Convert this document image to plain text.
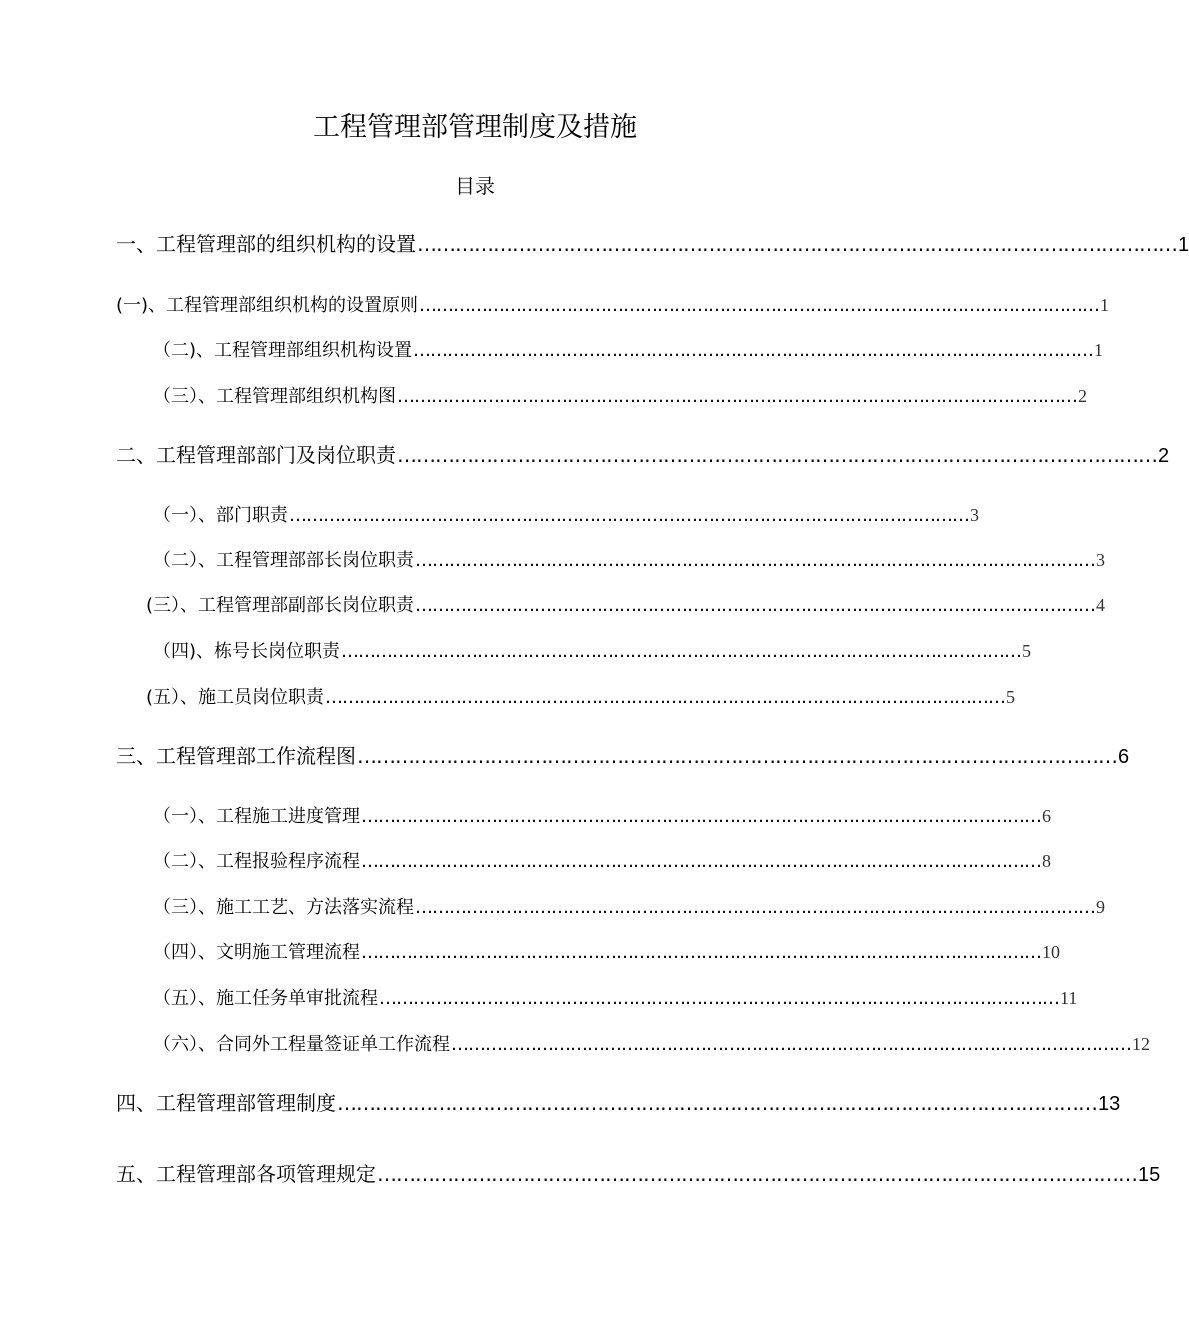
工程管理部管理制度及措施
目录
一、工程管理部的组织机构的设置 ………………………………………………………………………………………………………… 1
(一)、工程管理部组织机构的设置原则 ………………………………………………………………………………………………………… 1
（二)、工程管理部组织机构设置 ………………………………………………………………………………………………………… 1
（三）、工程管理部组织机构图 ………………………………………………………………………………………………………… 2
二、工程管理部部门及岗位职责 ………………………………………………………………………………………………………… 2
（一）、部门职责 ………………………………………………………………………………………………………… 3
（二）、工程管理部部长岗位职责 ………………………………………………………………………………………………………… 3
(三）、工程管理部副部长岗位职责 ………………………………………………………………………………………………………… 4
（四)、栋号长岗位职责 ………………………………………………………………………………………………………… 5
(五）、施工员岗位职责 ………………………………………………………………………………………………………… 5
三、工程管理部工作流程图 ………………………………………………………………………………………………………… 6
（一）、工程施工进度管理 ………………………………………………………………………………………………………… 6
（二）、工程报验程序流程 ………………………………………………………………………………………………………… 8
（三）、施工工艺、方法落实流程 ………………………………………………………………………………………………………… 9
（四）、文明施工管理流程 ………………………………………………………………………………………………………… 10
（五）、施工任务单审批流程 ………………………………………………………………………………………………………… 11
（六）、合同外工程量签证单工作流程 ………………………………………………………………………………………………………… 12
四、工程管理部管理制度 ………………………………………………………………………………………………………… 13
五、工程管理部各项管理规定 ………………………………………………………………………………………………………… 15
